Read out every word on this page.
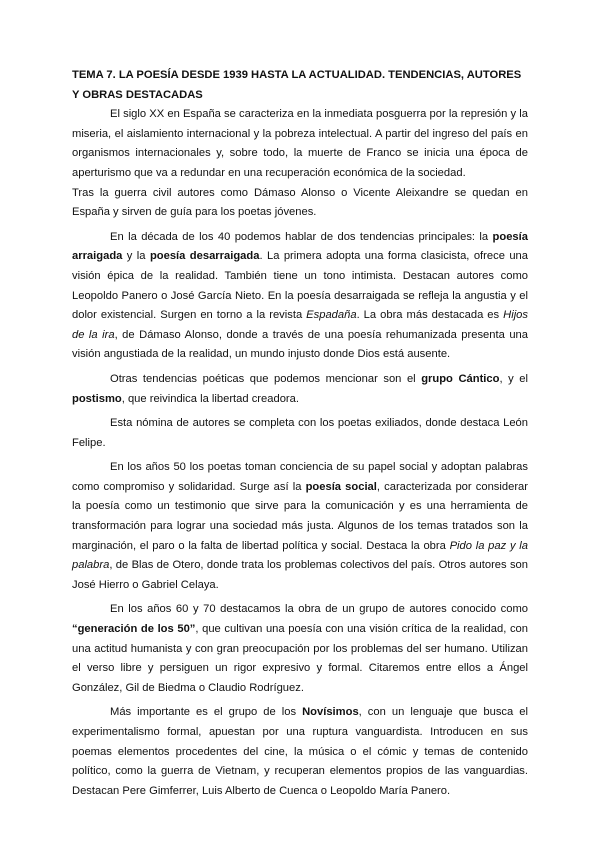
TEMA 7. LA POESÍA DESDE 1939 HASTA LA ACTUALIDAD. TENDENCIAS, AUTORES Y OBRAS DESTACADAS

El siglo XX en España se caracteriza en la inmediata posguerra por la represión y la miseria, el aislamiento internacional y la pobreza intelectual. A partir del ingreso del país en organismos internacionales y, sobre todo, la muerte de Franco se inicia una época de aperturismo que va a redundar en una recuperación económica de la sociedad.

Tras la guerra civil autores como Dámaso Alonso o Vicente Aleixandre se quedan en España y sirven de guía para los poetas jóvenes.

En la década de los 40 podemos hablar de dos tendencias principales: la poesía arraigada y la poesía desarraigada. La primera adopta una forma clasicista, ofrece una visión épica de la realidad. También tiene un tono intimista. Destacan autores como Leopoldo Panero o José García Nieto. En la poesía desarraigada se refleja la angustia y el dolor existencial. Surgen en torno a la revista Espadaña. La obra más destacada es Hijos de la ira, de Dámaso Alonso, donde a través de una poesía rehumanizada presenta una visión angustiada de la realidad, un mundo injusto donde Dios está ausente.

Otras tendencias poéticas que podemos mencionar son el grupo Cántico, y el postismo, que reivindica la libertad creadora.

Esta nómina de autores se completa con los poetas exiliados, donde destaca León Felipe.

En los años 50 los poetas toman conciencia de su papel social y adoptan palabras como compromiso y solidaridad. Surge así la poesía social, caracterizada por considerar la poesía como un testimonio que sirve para la comunicación y es una herramienta de transformación para lograr una sociedad más justa. Algunos de los temas tratados son la marginación, el paro o la falta de libertad política y social. Destaca la obra Pido la paz y la palabra, de Blas de Otero, donde trata los problemas colectivos del país. Otros autores son José Hierro o Gabriel Celaya.

En los años 60 y 70 destacamos la obra de un grupo de autores conocido como “generación de los 50”, que cultivan una poesía con una visión crítica de la realidad, con una actitud humanista y con gran preocupación por los problemas del ser humano. Utilizan el verso libre y persiguen un rigor expresivo y formal. Citaremos entre ellos a Ángel González, Gil de Biedma o Claudio Rodríguez.

Más importante es el grupo de los Novísimos, con un lenguaje que busca el experimentalismo formal, apuestan por una ruptura vanguardista. Introducen en sus poemas elementos procedentes del cine, la música o el cómic y temas de contenido político, como la guerra de Vietnam, y recuperan elementos propios de las vanguardias. Destacan Pere Gimferrer, Luis Alberto de Cuenca o Leopoldo María Panero.
